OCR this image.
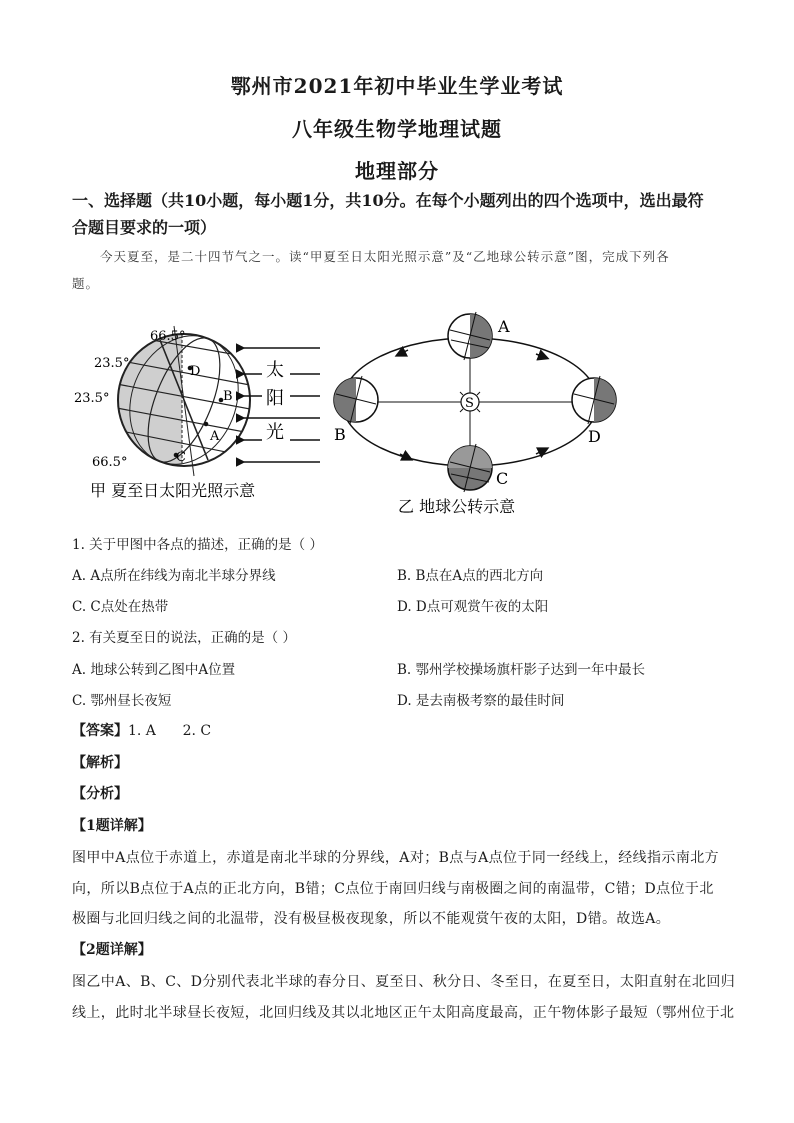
鄂州市2021年初中毕业生学业考试
八年级生物学地理试题
地理部分
一、选择题（共10小题，每小题1分，共10分。在每个小题列出的四个选项中，选出最符
合题目要求的一项）
今天夏至，是二十四节气之一。读“甲夏至日太阳光照示意”及“乙地球公转示意”图，完成下列各
题。
D
B
A
C
66.5°
23.5°
23.5°
66.5°
甲 夏至日太阳光照示意
太
阳
光
S
A
B
C
D
乙 地球公转示意
1. 关于甲图中各点的描述，正确的是（ ）
A. A点所在纬线为南北半球分界线	B. B点在A点的西北方向
C. C点处在热带	D. D点可观赏午夜的太阳
2. 有关夏至日的说法，正确的是（ ）
A. 地球公转到乙图中A位置	B. 鄂州学校操场旗杆影子达到一年中最长
C. 鄂州昼长夜短	D. 是去南极考察的最佳时间
【答案】1. A      2. C
【解析】
【分析】
【1题详解】
图甲中A点位于赤道上，赤道是南北半球的分界线，A对；B点与A点位于同一经线上，经线指示南北方
向，所以B点位于A点的正北方向，B错；C点位于南回归线与南极圈之间的南温带，C错；D点位于北
极圈与北回归线之间的北温带，没有极昼极夜现象，所以不能观赏午夜的太阳，D错。故选A。
【2题详解】
图乙中A、B、C、D分别代表北半球的春分日、夏至日、秋分日、冬至日，在夏至日，太阳直射在北回归
线上，此时北半球昼长夜短，北回归线及其以北地区正午太阳高度最高，正午物体影子最短（鄂州位于北
